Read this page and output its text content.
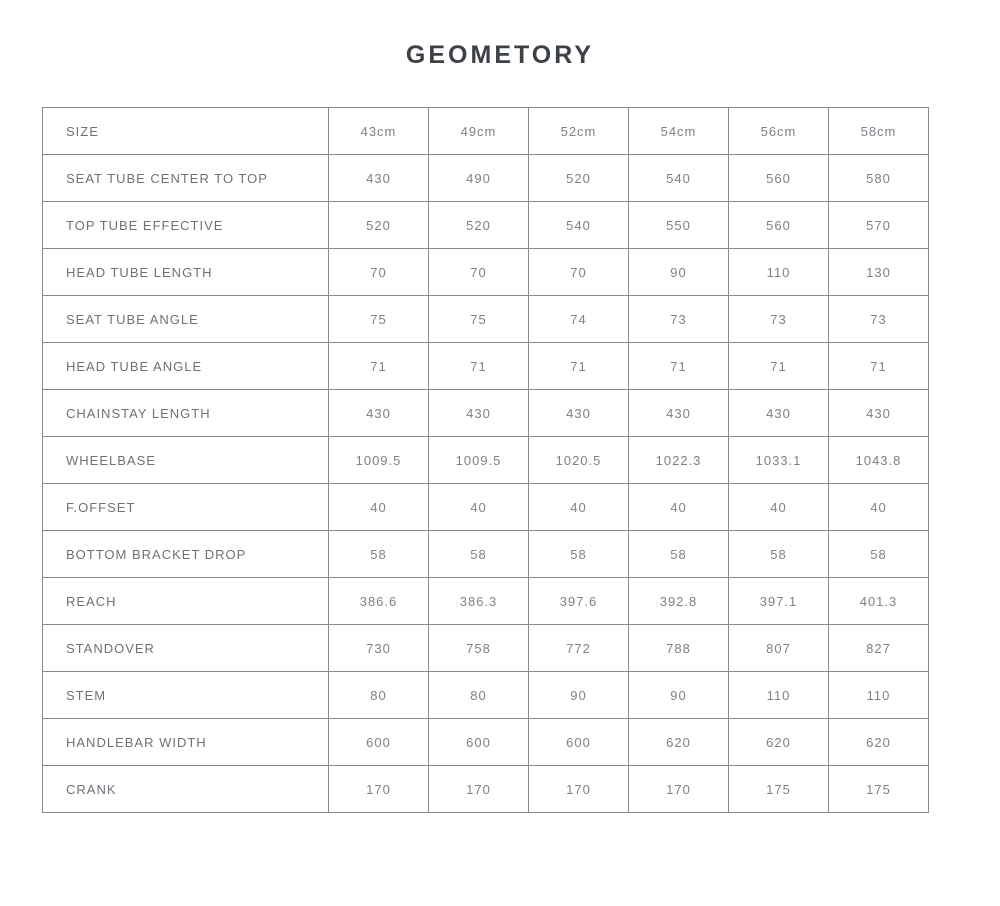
GEOMETORY
SIZE	43cm	49cm	52cm	54cm	56cm	58cm
SEAT TUBE CENTER TO TOP	430	490	520	540	560	580
TOP TUBE EFFECTIVE	520	520	540	550	560	570
HEAD TUBE LENGTH	70	70	70	90	110	130
SEAT TUBE ANGLE	75	75	74	73	73	73
HEAD TUBE ANGLE	71	71	71	71	71	71
CHAINSTAY LENGTH	430	430	430	430	430	430
WHEELBASE	1009.5	1009.5	1020.5	1022.3	1033.1	1043.8
F.OFFSET	40	40	40	40	40	40
BOTTOM BRACKET DROP	58	58	58	58	58	58
REACH	386.6	386.3	397.6	392.8	397.1	401.3
STANDOVER	730	758	772	788	807	827
STEM	80	80	90	90	110	110
HANDLEBAR WIDTH	600	600	600	620	620	620
CRANK	170	170	170	170	175	175
